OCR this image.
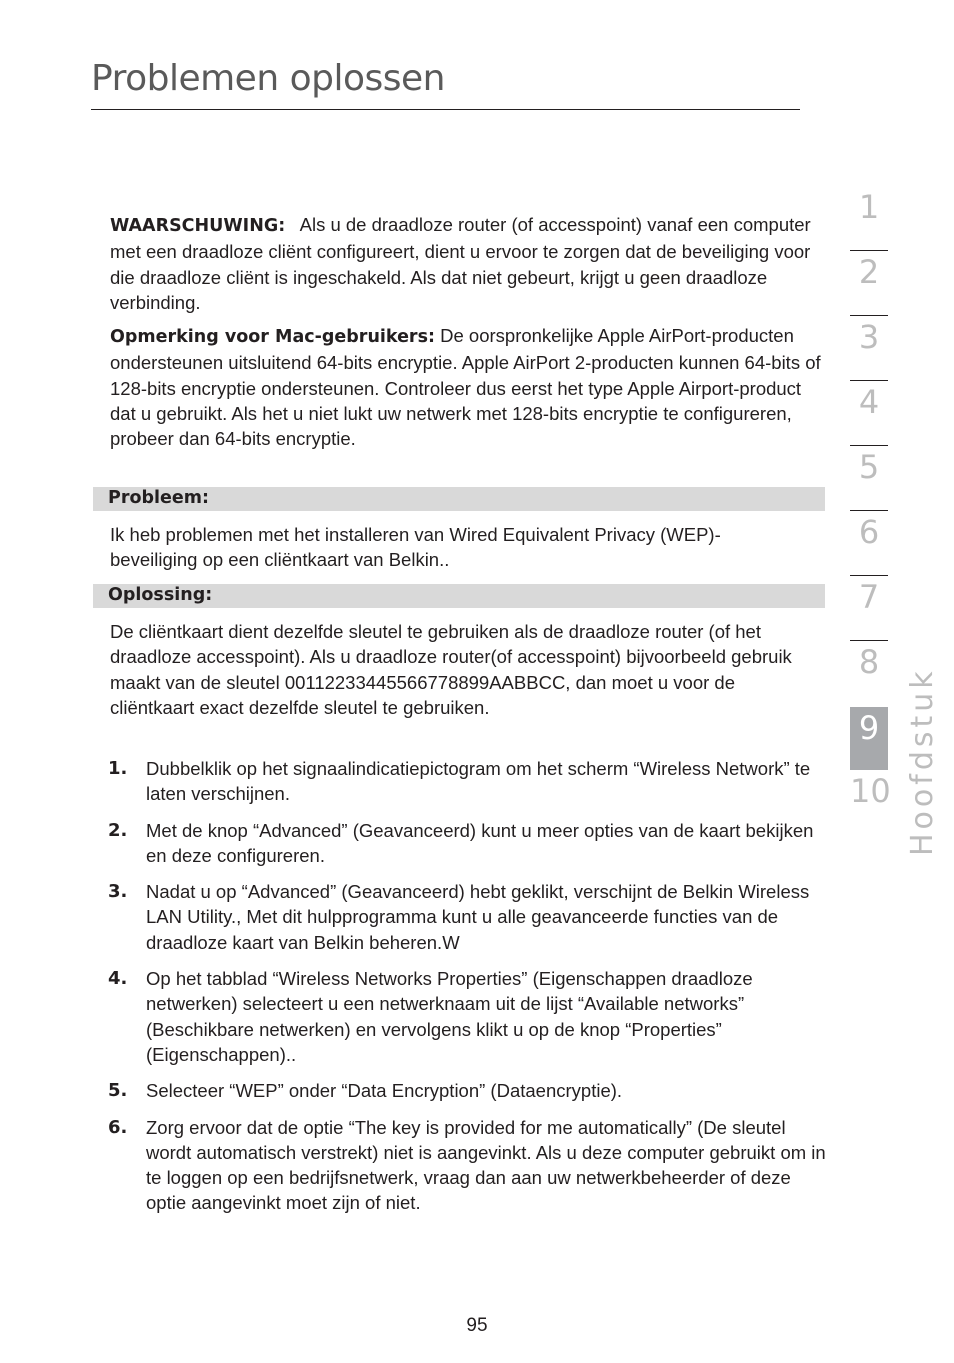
Problemen oplossen
WAARSCHUWING: Als u de draadloze router (of accesspoint) vanaf een computer met een draadloze cliënt configureert, dient u ervoor te zorgen dat de beveiliging voor die draadloze cliënt is ingeschakeld. Als dat niet gebeurt, krijgt u geen draadloze verbinding.
Opmerking voor Mac-gebruikers: De oorspronkelijke Apple AirPort-producten ondersteunen uitsluitend 64-bits encryptie. Apple AirPort 2-producten kunnen 64-bits of 128-bits encryptie ondersteunen. Controleer dus eerst het type Apple Airport-product dat u gebruikt. Als het u niet lukt uw netwerk met 128-bits encryptie te configureren, probeer dan 64-bits encryptie.
Probleem:
Ik heb problemen met het installeren van Wired Equivalent Privacy (WEP)-beveiliging op een cliëntkaart van Belkin..
Oplossing:
De cliëntkaart dient dezelfde sleutel te gebruiken als de draadloze router (of het draadloze accesspoint). Als u draadloze router(of accesspoint) bijvoorbeeld gebruik maakt van de sleutel 00112233445566778899AABBCC, dan moet u voor de cliëntkaart exact dezelfde sleutel te gebruiken.
1. Dubbelklik op het signaalindicatiepictogram om het scherm “Wireless Network” te laten verschijnen.
2. Met de knop “Advanced” (Geavanceerd) kunt u meer opties van de kaart bekijken en deze configureren.
3. Nadat u op “Advanced” (Geavanceerd) hebt geklikt, verschijnt de Belkin Wireless LAN Utility., Met dit hulpprogramma kunt u alle geavanceerde functies van de draadloze kaart van Belkin beheren.W
4. Op het tabblad “Wireless Networks Properties” (Eigenschappen draadloze netwerken) selecteert u een netwerknaam uit de lijst “Available networks” (Beschikbare netwerken) en vervolgens klikt u op de knop “Properties” (Eigenschappen)..
5. Selecteer “WEP” onder “Data Encryption” (Dataencryptie).
6. Zorg ervoor dat de optie “The key is provided for me automatically” (De sleutel wordt automatisch verstrekt) niet is aangevinkt. Als u deze computer gebruikt om in te loggen op een bedrijfsnetwerk, vraag dan aan uw netwerkbeheerder of deze optie aangevinkt moet zijn of niet.
1
2
3
4
5
6
7
8
9
10 Hoofdstuk
95
